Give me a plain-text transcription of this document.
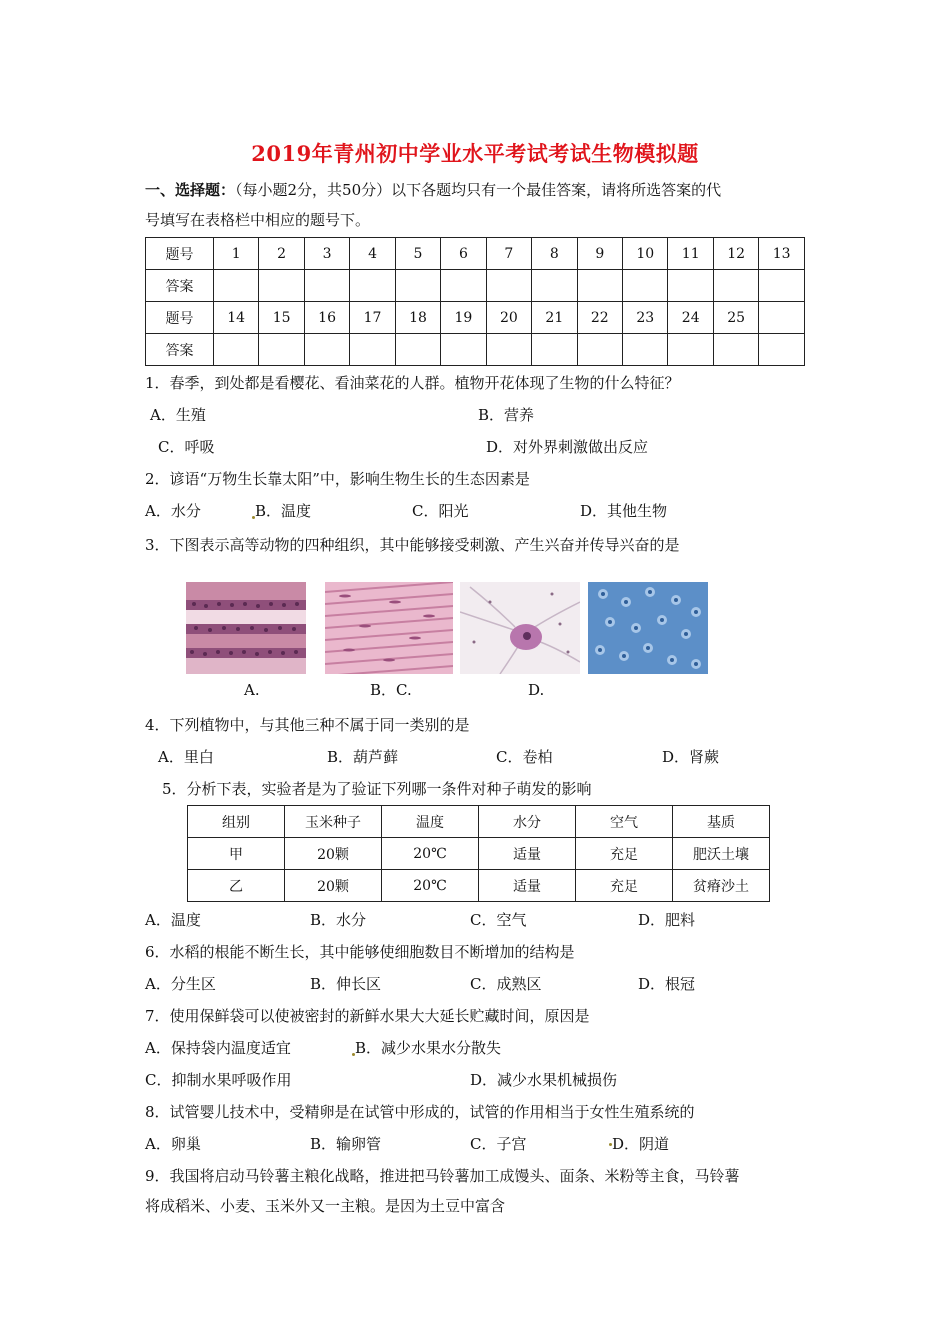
2019年青州初中学业水平考试考试生物模拟题
一、选择题：（每小题2分，共50分）以下各题均只有一个最佳答案，请将所选答案的代
号填写在表格栏中相应的题号下。
题号	1	2	3	4	5	6	7	8	9	10	11	12	13
答案													
题号	14	15	16	17	18	19	20	21	22	23	24	25	
答案													
1．春季，到处都是看樱花、看油菜花的人群。植物开花体现了生物的什么特征？
A．生殖	B．营养
C．呼吸	D．对外界刺激做出反应
2．谚语“万物生长靠太阳”中，影响生物生长的生态因素是
A．水分	B．温度	C．阳光	D．其他生物
3．下图表示高等动物的四种组织，其中能够接受刺激、产生兴奋并传导兴奋的是
A.	B．C.	D.
4．下列植物中，与其他三种不属于同一类别的是
A．里白	B．葫芦藓	C．卷柏	D．肾蕨
5．分析下表，实验者是为了验证下列哪一条件对种子萌发的影响
组别	玉米种子	温度	水分	空气	基质
甲	20颗	20℃	适量	充足	肥沃土壤
乙	20颗	20℃	适量	充足	贫瘠沙土
A．温度	B．水分	C．空气	D．肥料
6．水稻的根能不断生长，其中能够使细胞数目不断增加的结构是
A．分生区	B．伸长区	C．成熟区	D．根冠
7．使用保鲜袋可以使被密封的新鲜水果大大延长贮藏时间，原因是
A．保持袋内温度适宜	B．减少水果水分散失
C．抑制水果呼吸作用	D．减少水果机械损伤
8．试管婴儿技术中，受精卵是在试管中形成的，试管的作用相当于女性生殖系统的
A．卵巢	B．输卵管	C．子宫	D．阴道
9．我国将启动马铃薯主粮化战略，推进把马铃薯加工成馒头、面条、米粉等主食，马铃薯
将成稻米、小麦、玉米外又一主粮。是因为土豆中富含
